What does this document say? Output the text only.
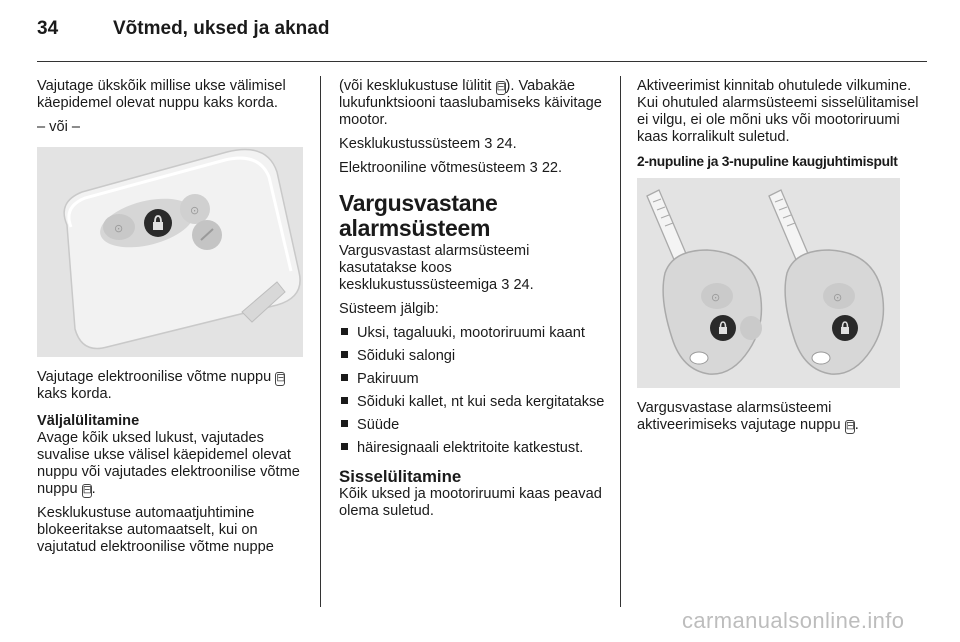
34	Võtmed, uksed ja aknad

Vajutage ükskõik millise ukse välimisel käepidemel olevat nuppu kaks korda.

– või –

⊙
⊙

Vajutage elektroonilise võtme nuppu ⊟ kaks korda.

Väljalülitamine

Avage kõik uksed lukust, vajutades suvalise ukse välisel käepidemel olevat nuppu või vajutades elektroonilise võtme nuppu ⊟.

Kesklukustuse automaatjuhtimine blokeeritakse automaatselt, kui on vajutatud elektroonilise võtme nuppe

(või kesklukustuse lülitit ⊟). Vabakäe lukufunktsiooni taaslubamiseks käivitage mootor.

Kesklukustussüsteem 3 24.

Elektrooniline võtmesüsteem 3 22.

Vargusvastane alarmsüsteem

Vargusvastast alarmsüsteemi kasutatakse koos kesklukustussüsteemiga 3 24.

Süsteem jälgib:

Uksi, tagaluuki, mootoriruumi kaant
Sõiduki salongi
Pakiruum
Sõiduki kallet, nt kui seda kergitatakse
Süüde
häiresignaali elektritoite katkestust.
Sisselülitamine

Kõik uksed ja mootoriruumi kaas peavad olema suletud.

Aktiveerimist kinnitab ohutulede vilkumine. Kui ohutuled alarmsüsteemi sisselülitamisel ei vilgu, ei ole mõni uks või mootoriruumi kaas korralikult suletud.

2-nupuline ja 3-nupuline kaugjuhtimispult

⊙	⊙

Vargusvastase alarmsüsteemi aktiveerimiseks vajutage nuppu ⊟.

carmanualsonline.info
